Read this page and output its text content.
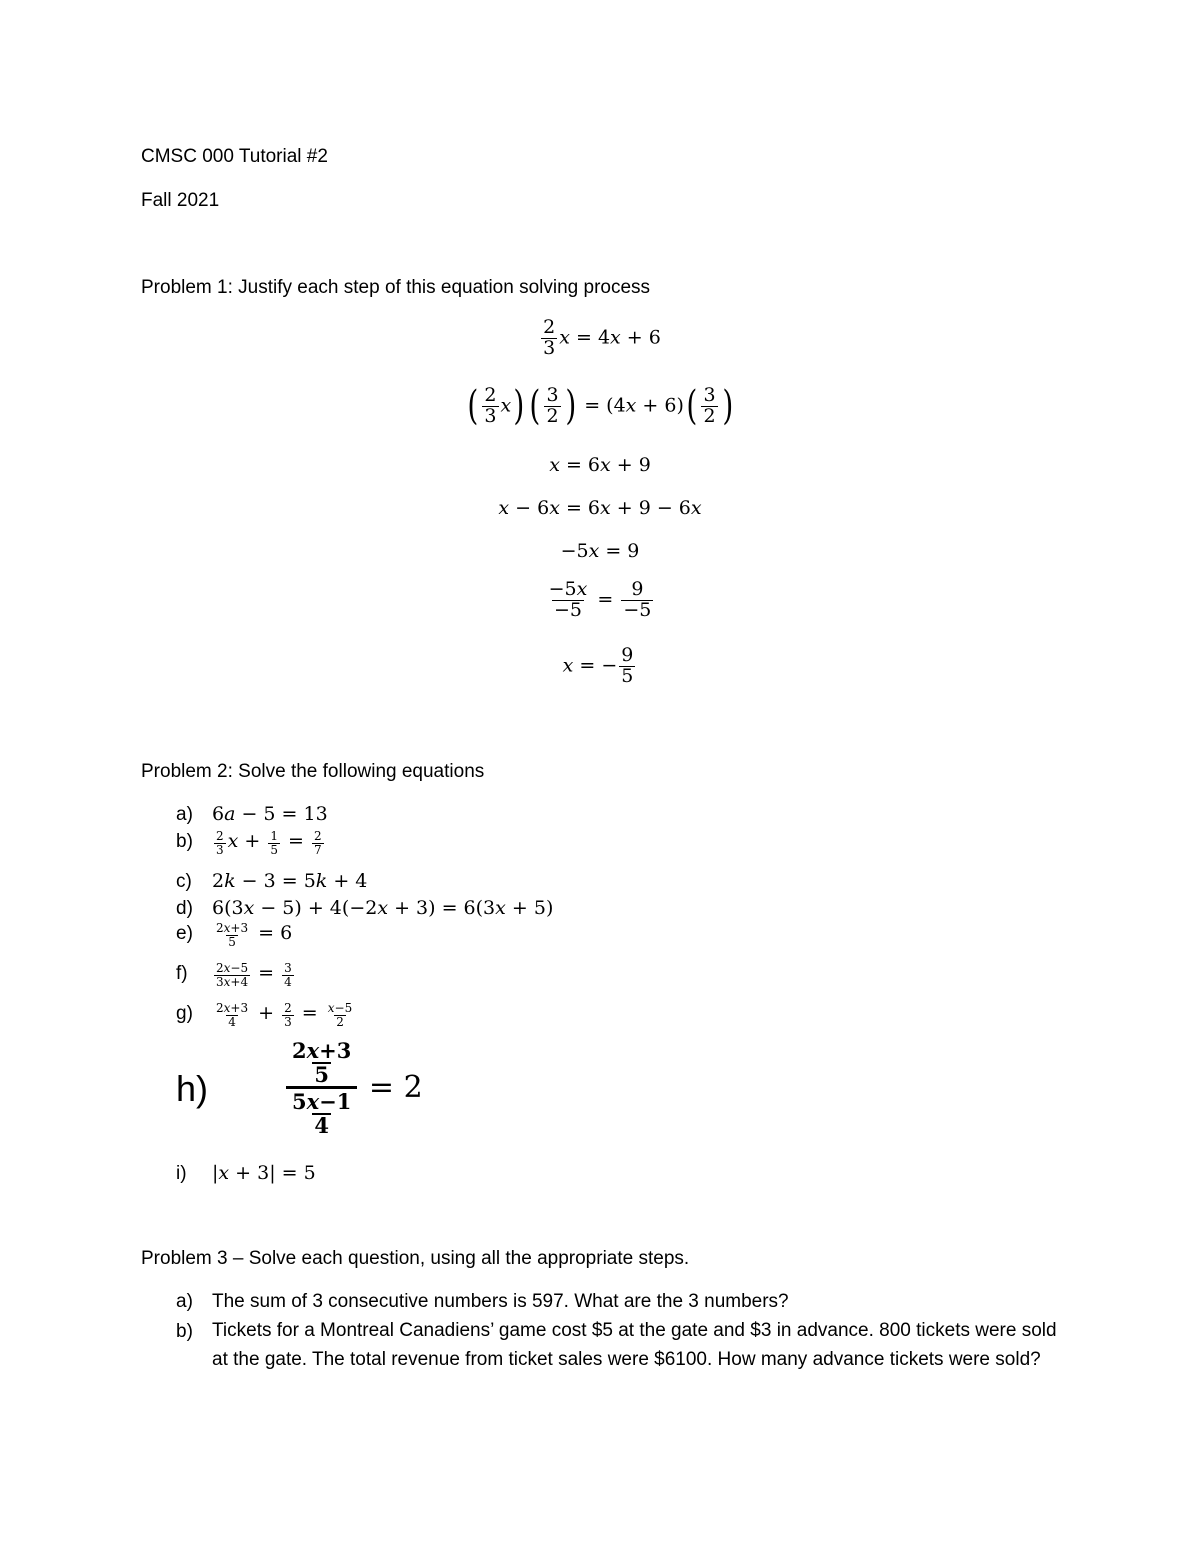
CMSC 000 Tutorial #2
Fall 2021
Problem 1: Justify each step of this equation solving process
$\frac{2}{3}$ x = 4x + 6
( $\frac{2}{3} x$) ( $\frac{3}{2}$ ) = $(4x + 6)( \frac{3}{2}$ )
x = 6x + 9
x − 6x = 6x + 9 − 6x
−5x = 9
$\frac{-5x}{-5} = \frac{9}{-5}$
x = − $\frac{9}{5}$
Problem 2: Solve the following equations
a) 6a − 5 = 13
$b) \frac{2}{3}$ $x + \frac{1}{5} = \frac{2}{7}$
c) 2k − 3 = 5k + 4
d) 6(3x − 5) + 4(−2x + 3) = 6(3x + 5)
$e) \frac{2x+3}{5} = 6$
$f) \frac{2x-5}{3x+4} = \frac{3}{4}$
$g) \frac{2x+3}{4} + \frac{2}{3} = \frac{x-5}{2}$
h)	$\frac{\frac{2x+3}{5}}{\frac{5x-1}{4}} = 2$
i) |x + 3| = 5
Problem 3 – Solve each question, using all the appropriate steps.
a) The sum of 3 consecutive numbers is 597. What are the 3 numbers?
b) Tickets for a Montreal Canadiens’ game cost $5 at the gate and $3 in advance. 800 tickets were sold at the gate. The total revenue from ticket sales were $6100. How many advance tickets were sold?
